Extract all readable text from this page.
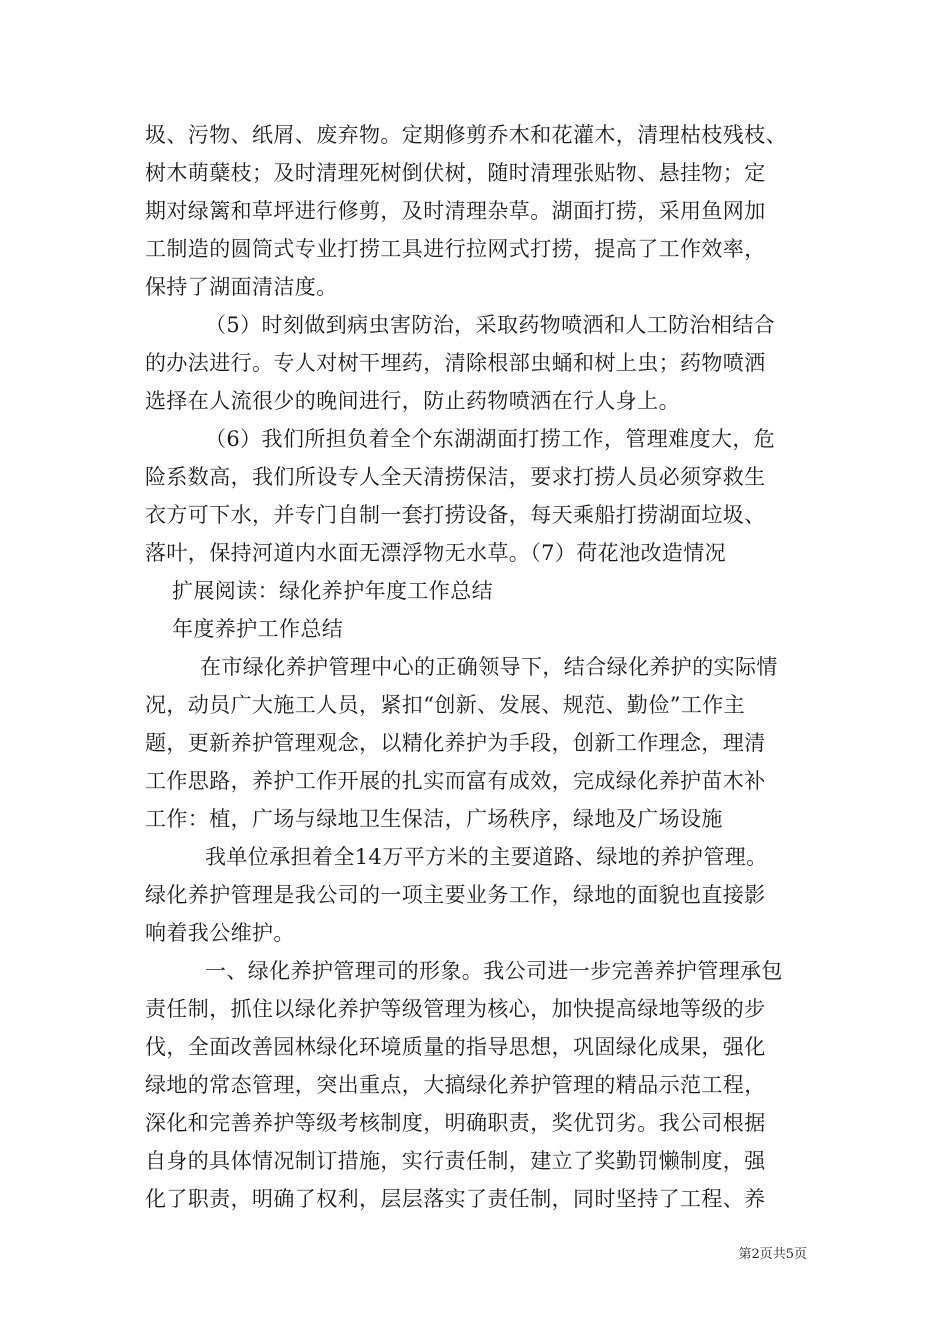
圾、污物、纸屑、废弃物。定期修剪乔木和花灌木，清理枯枝残枝、
树木萌蘖枝；及时清理死树倒伏树，随时清理张贴物、悬挂物；定
期对绿篱和草坪进行修剪，及时清理杂草。湖面打捞，采用鱼网加
工制造的圆筒式专业打捞工具进行拉网式打捞，提高了工作效率，
保持了湖面清洁度。
（5）时刻做到病虫害防治，采取药物喷洒和人工防治相结合
的办法进行。专人对树干埋药，清除根部虫蛹和树上虫；药物喷洒
选择在人流很少的晚间进行，防止药物喷洒在行人身上。
（6）我们所担负着全个东湖湖面打捞工作，管理难度大，危
险系数高，我们所设专人全天清捞保洁，要求打捞人员必须穿救生
衣方可下水，并专门自制一套打捞设备，每天乘船打捞湖面垃圾、
落叶，保持河道内水面无漂浮物无水草。（7）荷花池改造情况
扩展阅读：绿化养护年度工作总结
年度养护工作总结
在市绿化养护管理中心的正确领导下，结合绿化养护的实际情
况，动员广大施工人员，紧扣“创新、发展、规范、勤俭”工作主
题，更新养护管理观念，以精化养护为手段，创新工作理念，理清
工作思路，养护工作开展的扎实而富有成效，完成绿化养护苗木补
工作：植，广场与绿地卫生保洁，广场秩序，绿地及广场设施
我单位承担着全14万平方米的主要道路、绿地的养护管理。
绿化养护管理是我公司的一项主要业务工作，绿地的面貌也直接影
响着我公维护。
一、绿化养护管理司的形象。我公司进一步完善养护管理承包
责任制，抓住以绿化养护等级管理为核心，加快提高绿地等级的步
伐，全面改善园林绿化环境质量的指导思想，巩固绿化成果，强化
绿地的常态管理，突出重点，大搞绿化养护管理的精品示范工程，
深化和完善养护等级考核制度，明确职责，奖优罚劣。我公司根据
自身的具体情况制订措施，实行责任制，建立了奖勤罚懒制度，强
化了职责，明确了权利，层层落实了责任制，同时坚持了工程、养
第2页共5页
